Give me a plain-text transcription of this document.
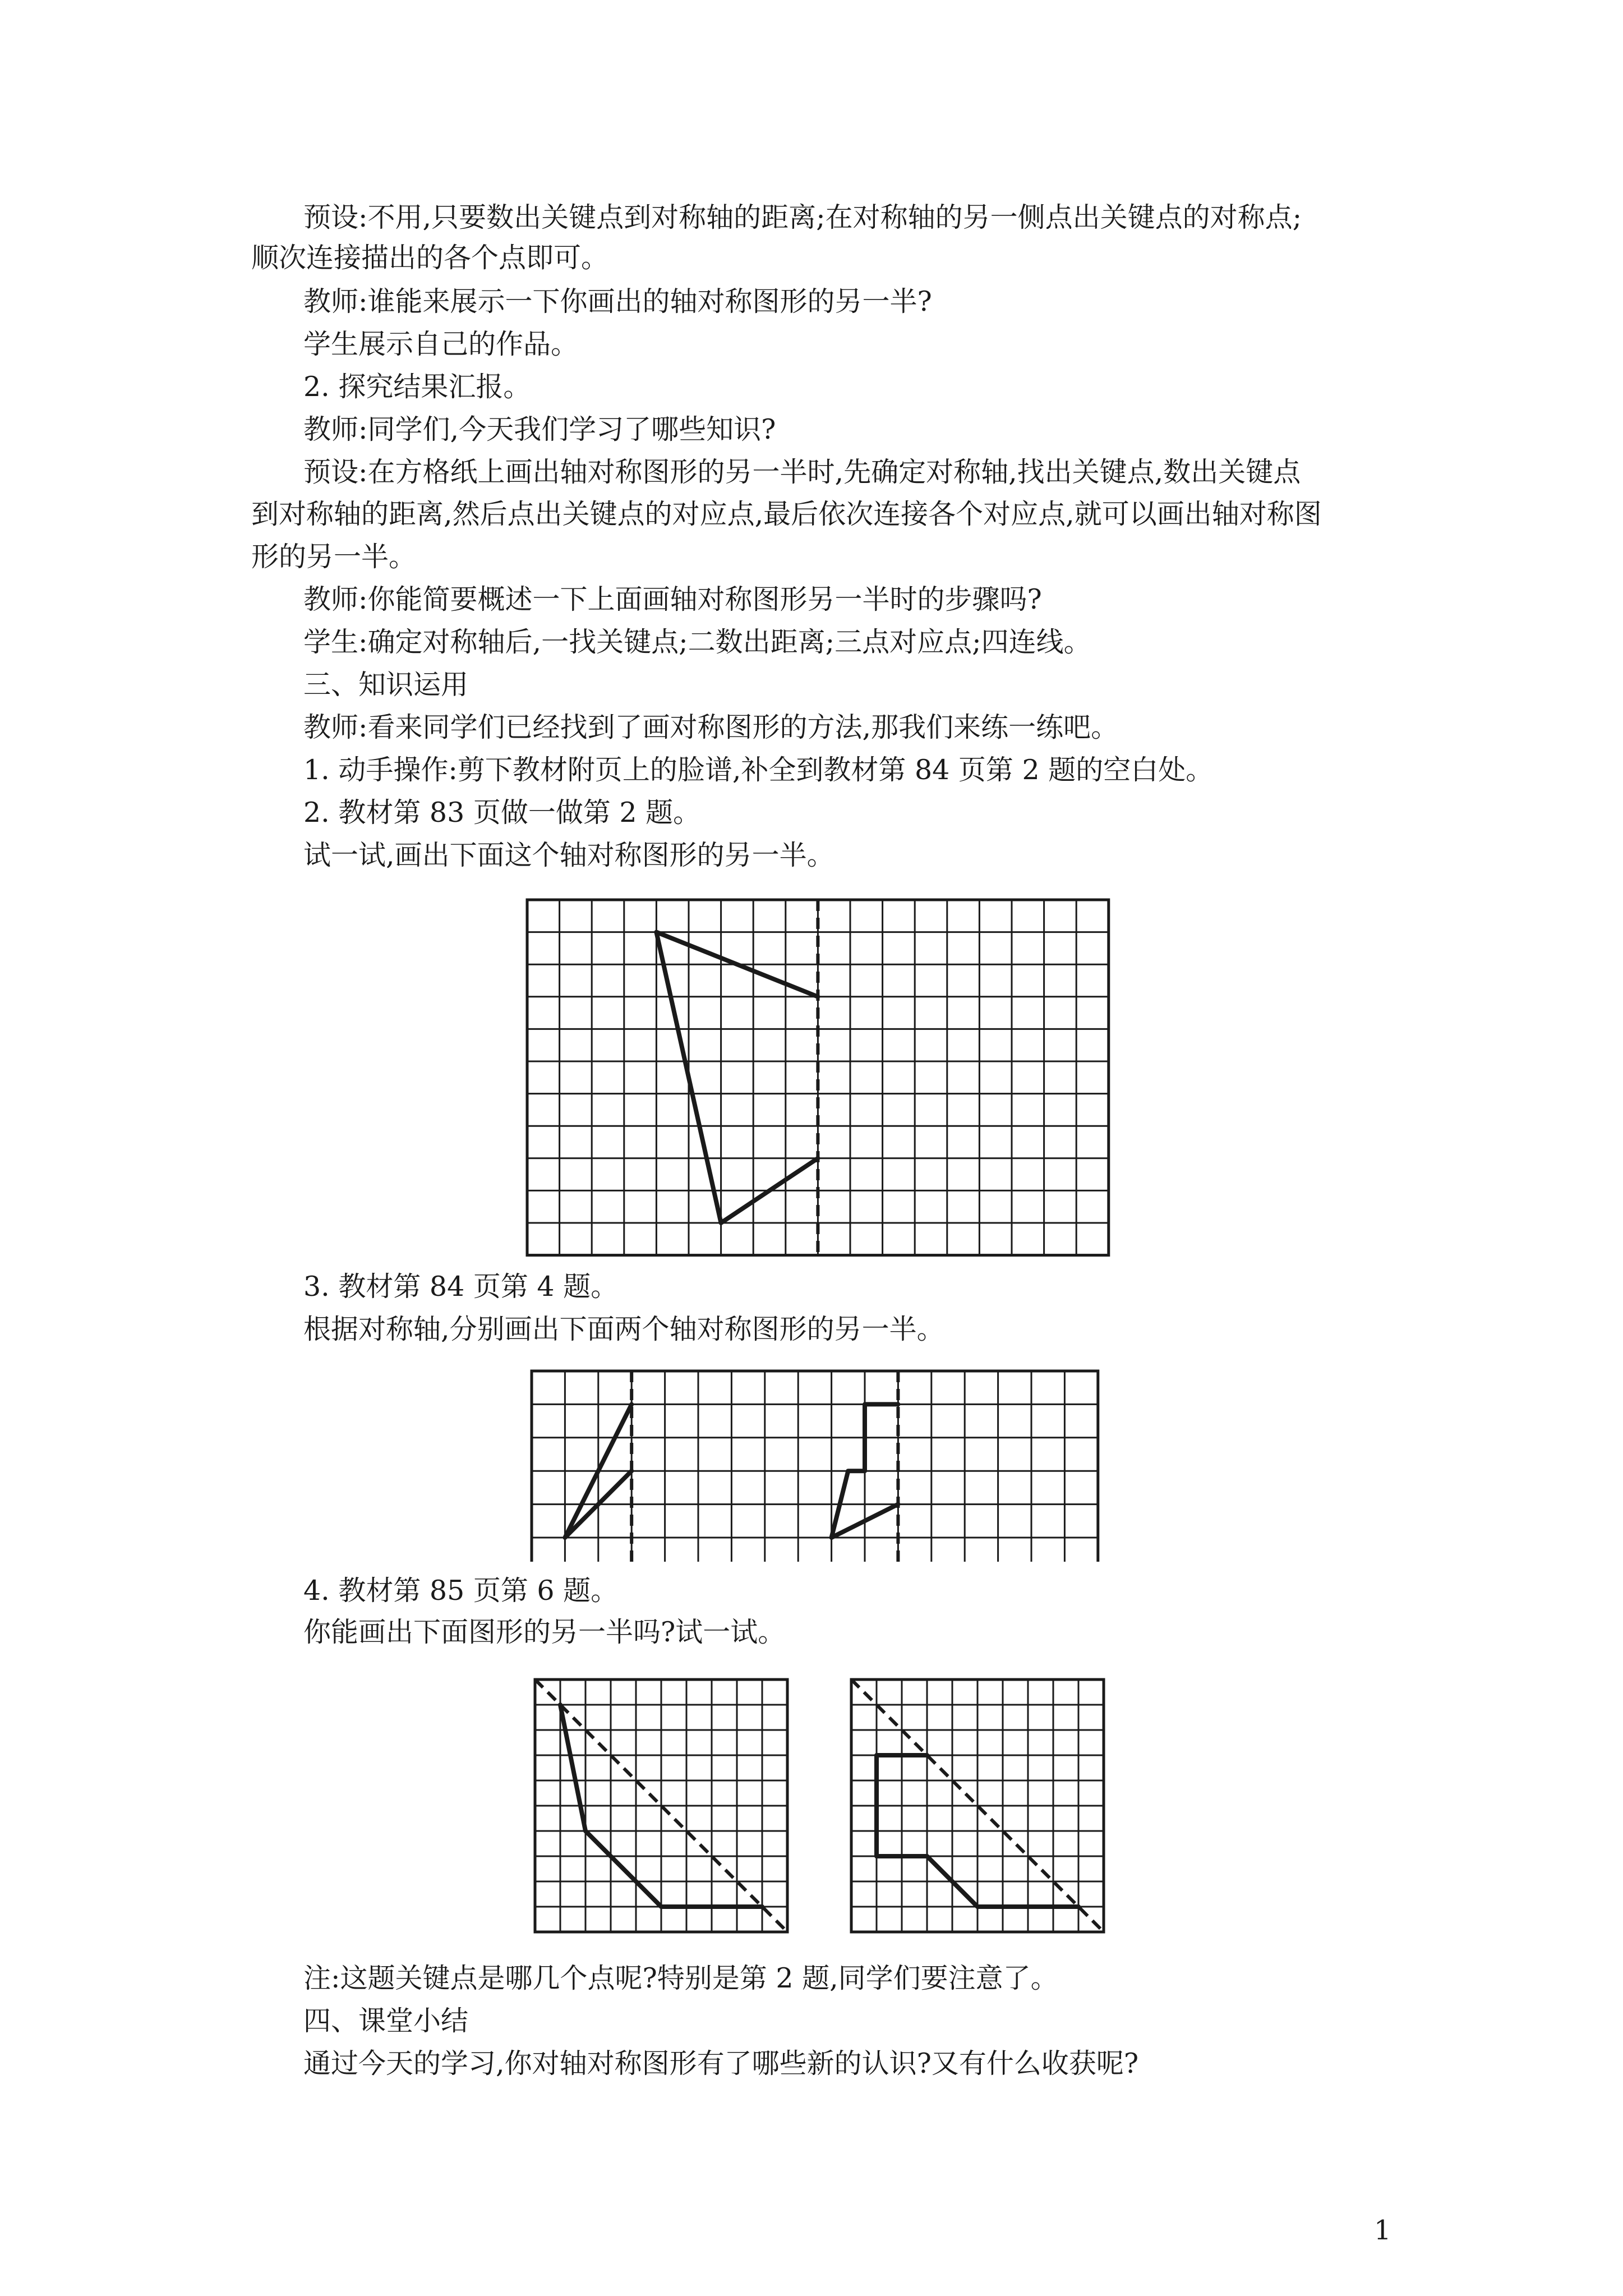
预设:不用,只要数出关键点到对称轴的距离;在对称轴的另一侧点出关键点的对称点;
顺次连接描出的各个点即可。
教师:谁能来展示一下你画出的轴对称图形的另一半?
学生展示自己的作品。
2. 探究结果汇报。
教师:同学们,今天我们学习了哪些知识?
预设:在方格纸上画出轴对称图形的另一半时,先确定对称轴,找出关键点,数出关键点
到对称轴的距离,然后点出关键点的对应点,最后依次连接各个对应点,就可以画出轴对称图
形的另一半。
教师:你能简要概述一下上面画轴对称图形另一半时的步骤吗?
学生:确定对称轴后,一找关键点;二数出距离;三点对应点;四连线。
三、知识运用
教师:看来同学们已经找到了画对称图形的方法,那我们来练一练吧。
1. 动手操作:剪下教材附页上的脸谱,补全到教材第 84 页第 2 题的空白处。
2. 教材第 83 页做一做第 2 题。
试一试,画出下面这个轴对称图形的另一半。
3. 教材第 84 页第 4 题。
根据对称轴,分别画出下面两个轴对称图形的另一半。
4. 教材第 85 页第 6 题。
你能画出下面图形的另一半吗?试一试。
注:这题关键点是哪几个点呢?特别是第 2 题,同学们要注意了。
四、课堂小结
通过今天的学习,你对轴对称图形有了哪些新的认识?又有什么收获呢?
1
